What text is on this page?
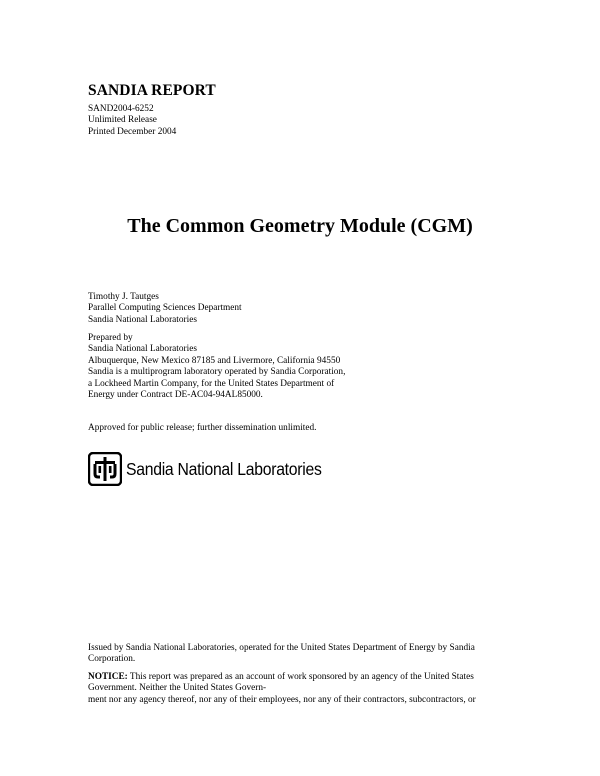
SANDIA REPORT
SAND2004-6252
Unlimited Release
Printed December 2004
The Common Geometry Module (CGM)
Timothy J. Tautges
Parallel Computing Sciences Department
Sandia National Laboratories
Prepared by
Sandia National Laboratories
Albuquerque, New Mexico 87185 and Livermore, California 94550
Sandia is a multiprogram laboratory operated by Sandia Corporation,
a Lockheed Martin Company, for the United States Department of
Energy under Contract DE-AC04-94AL85000.
Approved for public release; further dissemination unlimited.
Sandia National Laboratories
Issued by Sandia National Laboratories, operated for the United States Department of Energy by Sandia
Corporation.
NOTICE: This report was prepared as an account of work sponsored by an agency of the United States
Government. Neither the United States Govern-
ment nor any agency thereof, nor any of their employees, nor any of their contractors, subcontractors, or
